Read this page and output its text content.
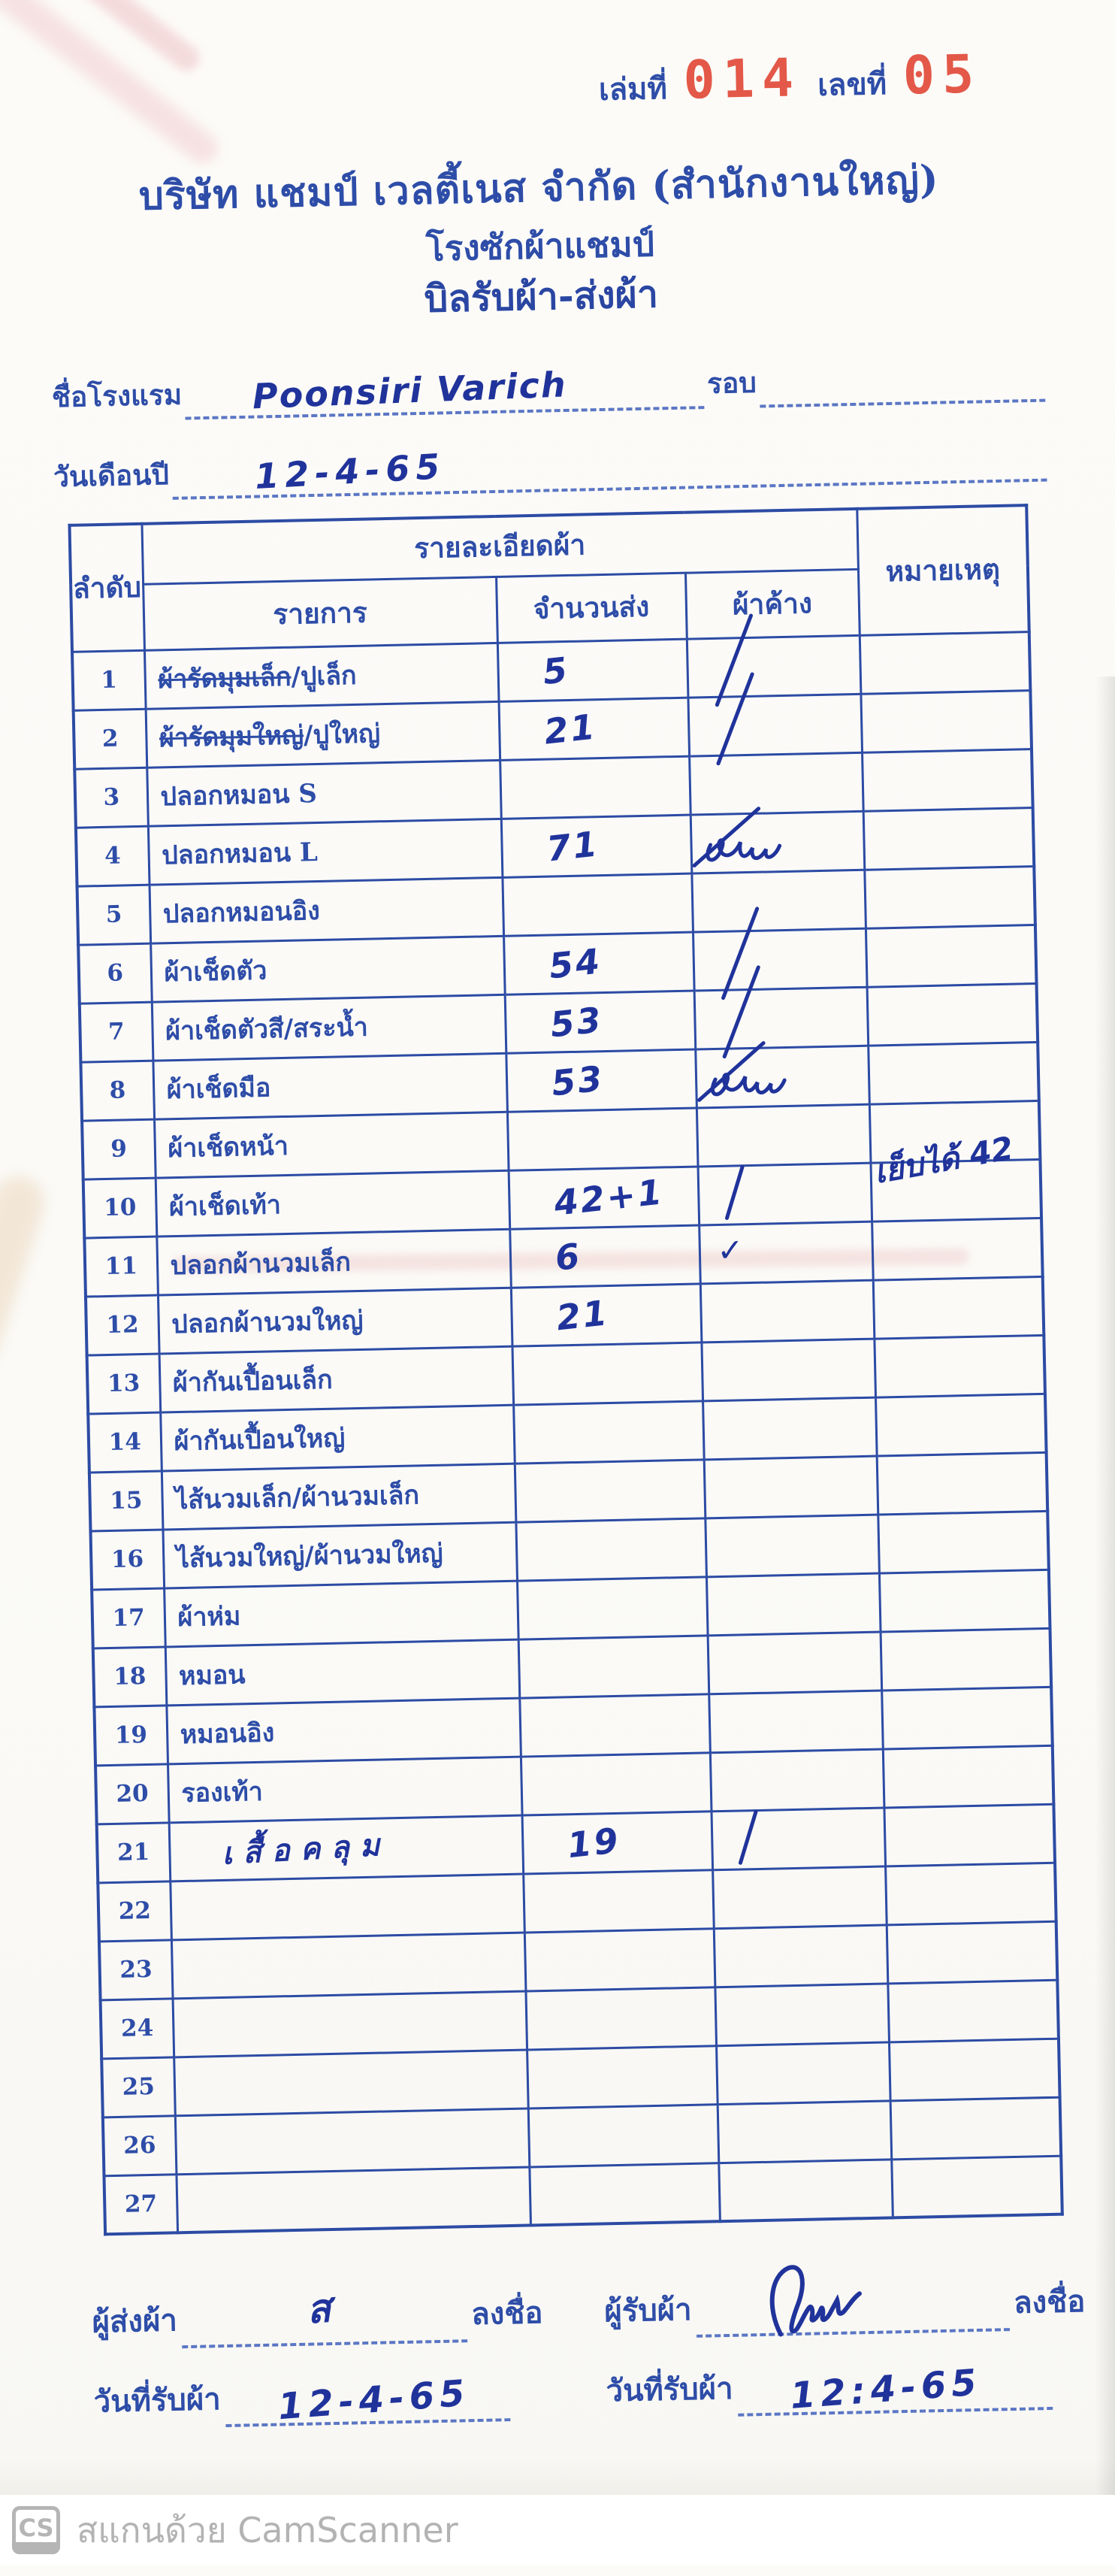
เล่มที่ 014 เลขที่ 05
บริษัท แชมป์ เวลตี้เนส จำกัด (สำนักงานใหญ่)
โรงซักผ้าแชมป์
บิลรับผ้า-ส่งผ้า
ชื่อโรงแรม Poonsiri Varich	รอบ
วันเดือนปี 12-4-65
ลำดับ	รายละเอียดผ้า			หมายเหตุ
	รายการ	จำนวนส่ง	ผ้าค้าง	
1	ผ้ารัดมุมเล็ก/ปูเล็ก	5	

2	ผ้ารัดมุมใหญ่/ปูใหญ่	21	

3	ปลอกหมอน S			

4	ปลอกหมอน L	71	

5	ปลอกหมอนอิง			

6	ผ้าเช็ดตัว	54	

7	ผ้าเช็ดตัวสี/สระน้ำ	53	

8	ผ้าเช็ดมือ	53	

9	ผ้าเช็ดหน้า			

10	ผ้าเช็ดเท้า	42+1		เย็บได้ 42

11	ปลอกผ้านวมเล็ก	6	✓	

12	ปลอกผ้านวมใหญ่	21		

13	ผ้ากันเปื้อนเล็ก			

14	ผ้ากันเปื้อนใหญ่			

15	ไส้นวมเล็ก/ผ้านวมเล็ก			

16	ไส้นวมใหญ่/ผ้านวมใหญ่			

17	ผ้าห่ม			

18	หมอน			

19	หมอนอิง			

20	รองเท้า			

21	เสื้อคลุม	19	

22				

23				

24				

25				

26				

27				
ผู้ส่งผ้า	ส	ลงชื่อ ผู้รับผ้า	ลงชื่อ
วันที่รับผ้า 12-4-65	วันที่รับผ้า 12:4-65
CS สแกนด้วย CamScanner
